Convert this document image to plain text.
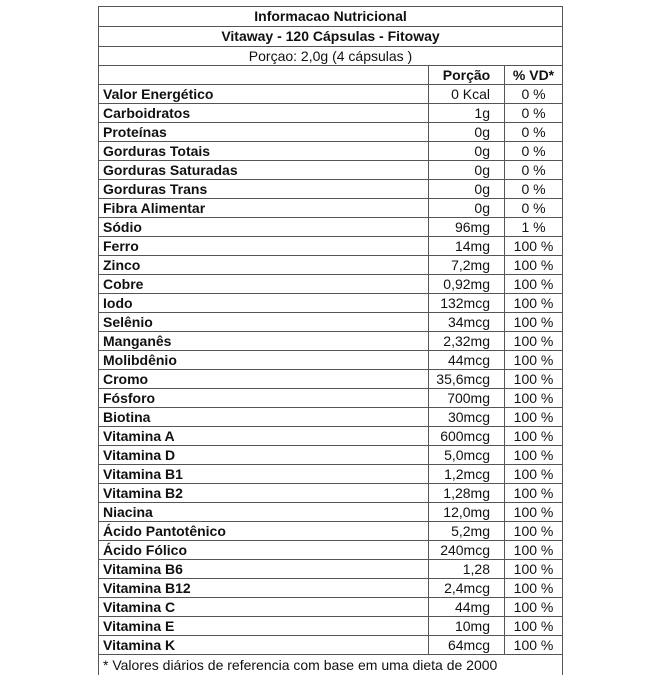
Informacao Nutricional		
Vitaway - 120 Cápsulas - Fitoway		
Porçao: 2,0g (4 cápsulas )		
	Porção	% VD*
Valor Energético	0 Kcal	0 %
Carboidratos	1g	0 %
Proteínas	0g	0 %
Gorduras Totais	0g	0 %
Gorduras Saturadas	0g	0 %
Gorduras Trans	0g	0 %
Fibra Alimentar	0g	0 %
Sódio	96mg	1 %
Ferro	14mg	100 %
Zinco	7,2mg	100 %
Cobre	0,92mg	100 %
Iodo	132mcg	100 %
Selênio	34mcg	100 %
Manganês	2,32mg	100 %
Molibdênio	44mcg	100 %
Cromo	35,6mcg	100 %
Fósforo	700mg	100 %
Biotina	30mcg	100 %
Vitamina A	600mcg	100 %
Vitamina D	5,0mcg	100 %
Vitamina B1	1,2mcg	100 %
Vitamina B2	1,28mg	100 %
Niacina	12,0mg	100 %
Ácido Pantotênico	5,2mg	100 %
Ácido Fólico	240mcg	100 %
Vitamina B6	1,28	100 %
Vitamina B12	2,4mcg	100 %
Vitamina C	44mg	100 %
Vitamina E	10mg	100 %
Vitamina K	64mcg	100 %
* Valores diários de referencia com base em uma dieta de 2000		
